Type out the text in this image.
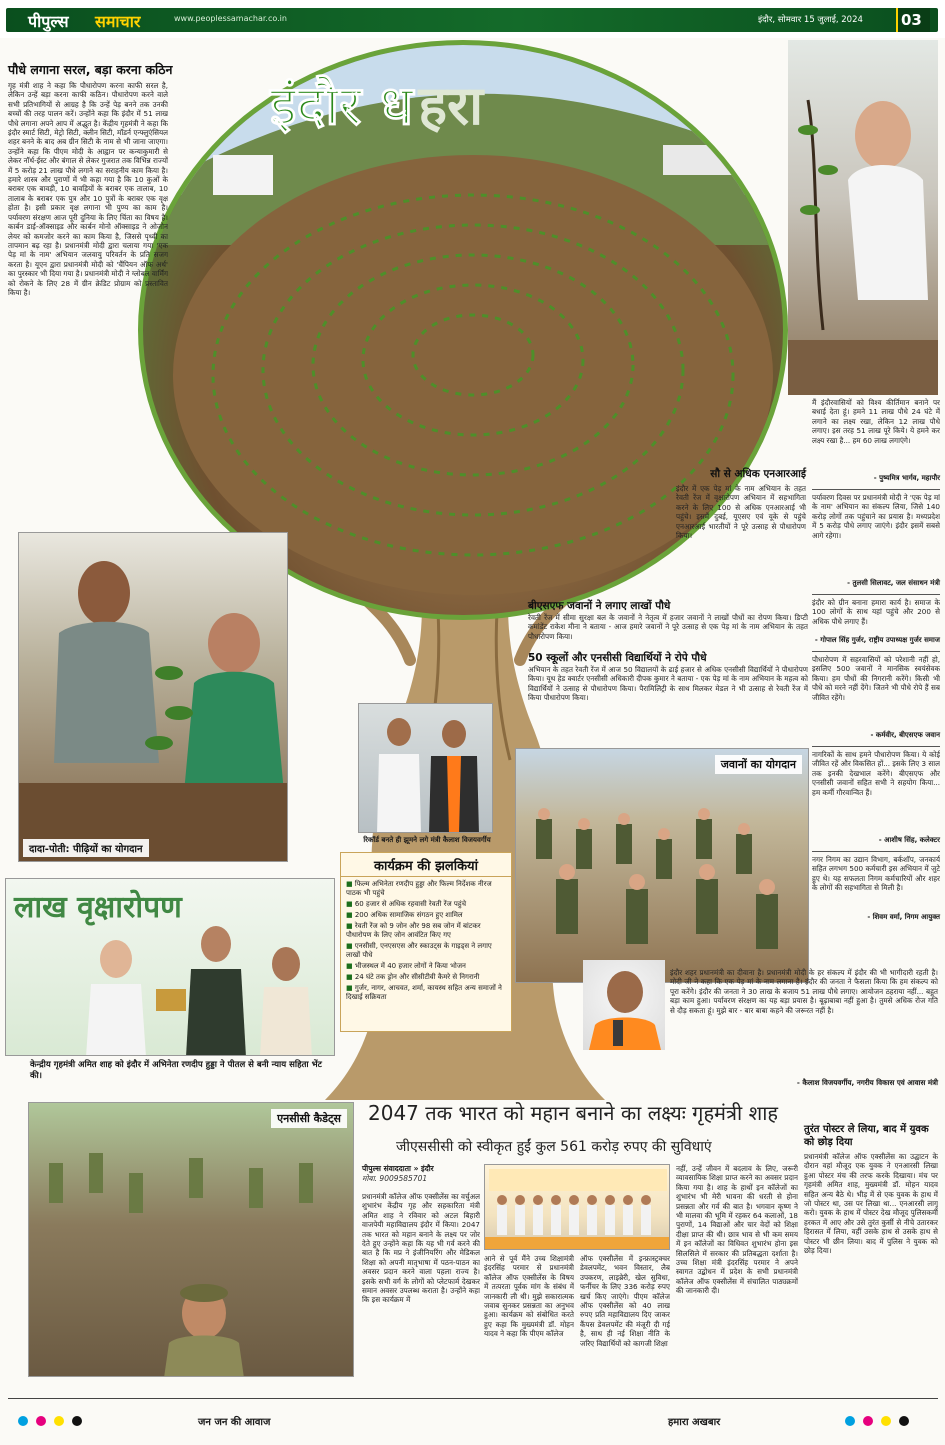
पीपुल्स समाचार	www.peoplessamachar.co.in	इंदौर, सोमवार 15 जुलाई, 2024	03
इंदौर ध हरा
पौधे लगाना सरल, बड़ा करना कठिन
गृह मंत्री शाह ने कहा कि पौधारोपण करना काफी सरल है, लेकिन उन्हें बड़ा करना काफी कठिन। पौधारोपण करने वाले सभी प्रतिभागियों से आग्रह है कि उन्हें पेड़ बनने तक उनकी बच्चों की तरह पालन करें। उन्होंने कहा कि इंदौर में 51 लाख पौधे लगाना अपने आप में अद्भुत है। केंद्रीय गृहमंत्री ने कहा कि इंदौर स्मार्ट सिटी, मेट्रो सिटी, क्लीन सिटी, मॉडर्न एन्फ्लुएंसियल शहर बनने के बाद अब ग्रीन सिटी के नाम से भी जाना जाएगा। उन्होंने कहा कि पीएम मोदी के आह्वान पर कन्याकुमारी से लेकर नॉर्थ-ईस्ट और बंगाल से लेकर गुजरात तक विभिन्न राज्यों में 5 करोड़ 21 लाख पौधे लगाने का सराहनीय काम किया है। हमारे शास्त्र और पुराणों में भी कहा गया है कि 10 कुओं के बराबर एक बावड़ी, 10 बावड़ियों के बराबर एक तालाब, 10 तालाब के बराबर एक पुत्र और 10 पुत्रों के बराबर एक वृक्ष होता है। इसी प्रकार वृक्ष लगाना भी पुण्य का काम है। पर्यावरण संरक्षण आज पूरी दुनिया के लिए चिंता का विषय है। कार्बन डाई-ऑक्साइड और कार्बन मोनो ऑक्साइड ने ओजोन लेयर को कमजोर करने का काम किया है, जिससे पृथ्वी का तापमान बढ़ रहा है। प्रधानमंत्री मोदी द्वारा चलाया गया 'एक पेड़ मां के नाम' अभियान जलवायु परिवर्तन के प्रति सजग करता है। यूएन द्वारा प्रधानमंत्री मोदी को 'चैंपियन ऑफ अर्थ' का पुरस्कार भी दिया गया है। प्रधानमंत्री मोदी ने ग्लोबल वार्मिंग को रोकने के लिए 28 में ग्रीन क्रेडिट प्रोग्राम को प्रस्तावित किया है।
सौ से अधिक एनआरआई
इंदौर में एक पेड़ मां के नाम अभियान के तहत रेवती रेंज में वृक्षारोपण अभियान में सहभागिता करने के लिए 100 से अधिक एनआरआई भी पहुंचे। इसमें दुबई, यूएसए एवं यूके से पहुंचे एनआरआई भारतीयों ने पूरे उत्साह से पौधारोपण किया।
बीएसएफ जवानों ने लगाए लाखों पौधे
रेवती रेंज में सीमा सुरक्षा बल के जवानों ने नेतृत्व में हजार जवानों ने लाखों पौधों का रोपण किया। डिप्टी कमांडेंट राकेश मीना ने बताया - आज हमारे जवानों ने पूरे उत्साह से एक पेड़ मां के नाम अभियान के तहत पौधारोपण किया।
50 स्कूलों और एनसीसी विद्यार्थियों ने रोपे पौधे
अभियान के तहत रेवती रेंज में आज 50 विद्यालयों के ढाई हजार से अधिक एनसीसी विद्यार्थियों ने पौधारोपण किया। यूथ हेड क्वार्टर एनसीसी अधिकारी दीपक कुमार ने बताया - एक पेड़ मां के नाम अभियान के महत्व को विद्यार्थियों ने उत्साह से पौधारोपण किया। पैरामिलिट्री के साथ मिलकर मेडल ने भी उत्साह से रेवती रेंज में किया पौधारोपण किया।
मैं इंदौरवासियों को विश्व कीर्तिमान बनाने पर बधाई देता हूं। हमने 11 लाख पौधे 24 घंटे में लगाने का लक्ष्य रखा, लेकिन 12 लाख पौधे लगाए। इस तरह 51 लाख पूरे किये। ये हमने कर लक्ष्य रखा है... हम 60 लाख लगाएंगे।
- पुष्यमित्र भार्गव, महापौर
पर्यावरण दिवस पर प्रधानमंत्री मोदी ने 'एक पेड़ मां के नाम' अभियान का संकल्प लिया, जिसे 140 करोड़ लोगों तक पहुंचाने का प्रयास है। मध्यप्रदेश में 5 करोड़ पौधे लगाए जाएंगे। इंदौर इसमें सबसे आगे रहेगा।
- तुलसी सिलावट, जल संसाधन मंत्री
इंदौर को ग्रीन बनाना हमारा कार्य है। समाज के 100 लोगों के साथ यहां पहुंचे और 200 से अधिक पौधे लगाए हैं।
- गोपाल सिंह गुर्जर, राष्ट्रीय उपाध्यक्ष गुर्जर समाज
पौधारोपण में सहरवासियों को परेशानी नहीं हो, इसलिए 500 जवानों ने मानसिक स्वयंसेवक किया। हम पौधों की निगरानी करेंगे। किसी भी पौधे को मरने नहीं देंगे। जितने भी पौधे रोपे हैं सब जीवित रहेंगे।
- कर्मवीर, बीएसएफ जवान
नागरिकों के साथ हमने पौधारोपण किया। ये कोई जीवित रहें और विकसित हों... इसके लिए 3 साल तक इनकी देखभाल करेंगे। बीएसएफ और एनसीसी जवानों सहित सभी ने सहयोग किया... हम कर्मी गौरवान्वित हैं।
- आशीष सिंह, कलेक्टर
नगर निगम का उद्यान विभाग, बर्कशॉप, जनकार्य सहित लगभग 500 कर्मचारी इस अभियान में जुटे हुए थे। यह सफलता निगम कर्मचारियों और शहर के लोगों की सहभागिता से मिली है।
- शिवम वर्मा, निगम आयुक्त
दादा-पोती: पीढ़ियों का योगदान
रिकॉर्ड बनते ही झूमने लगे मंत्री कैलाश विजयवर्गीय
जवानों का योगदान
कार्यक्रम की झलकियां
■ फिल्म अभिनेता रणदीप हुड्डा और फिल्म निर्देशक नीरज पाठक भी पहुंचे
■ 60 हजार से अधिक रहवासी रेवती रेंज पहुंचे
■ 200 अधिक सामाजिक संगठन हुए शामिल
■ रेवती रेंज को 9 जोन और 98 सब जोन में बांटकर पौधारोपण के लिए जोन आवंटित किए गए
■ एनसीसी, एनएसएस और स्काउट्स के गाइड्स ने लगाए लाखों पौधे
■ भीजस्थल में 40 हजार लोगों ने किया भोजन
■ 24 घंटे तक ड्रोन और सीसीटीवी कैमरे से निगरानी
■ गुर्जर, नागर, आचवत, शर्मा, कायस्थ सहित अन्य समाजों ने दिखाई सक्रियता
लाख वृक्षारोपण
केन्द्रीय गृहमंत्री अमित शाह को इंदौर में अभिनेता रणदीप हुड्डा ने पीतल से बनी न्याय सहिता भेंट की।
इंदौर शहर प्रधानमंत्री का दीवाना है। प्रधानमंत्री मोदी के हर संकल्प में इंदौर की भी भागीदारी रहती है। मोदी जी ने कहा कि एक पेड़ मां के नाम लगाना है। इंदौर की जनता ने फैसला किया कि हम संकल्प को पूरा करेंगे। इंदौर की जनता ने 30 लाख के बजाय 51 लाख पौधे लगाए। आयोजन ठहराया नहीं... बहुत बड़ा काम हुआ। पर्यावरण संरक्षण का यह बड़ा प्रयास है। बूढ़ाबाबा नहीं हुआ है। तुमसे अधिक रोज गति से दौड़ सकता हूं। मुझे बार - बार बाबा कहने की जरूरत नहीं है।
- कैलाश विजयवर्गीय, नगरीय विकास एवं आवास मंत्री
एनसीसी कैडेट्स	2047 तक भारत को महान बनाने का लक्ष्यः गृहमंत्री शाह
जीएससीसी को स्वीकृत हुईं कुल 561 करोड़ रुपए की सुविधाएं
पीपुल्स संवाददाता » इंदौर
मोबा. 9009585701
प्रधानमंत्री कॉलेज ऑफ एक्सीलेंस का वर्चुअल शुभारंभ केंद्रीय गृह और सहकारिता मंत्री अमित शाह ने रविवार को अटल बिहारी वाजपेयी महाविद्यालय इंदौर में किया। 2047 तक भारत को महान बनाने के लक्ष्य पर जोर देते हुए उन्होंने कहा कि यह भी गर्व करने की बात है कि मप्र ने इंजीनियरिंग और मेडिकल शिक्षा को अपनी मातृभाषा में पठन-पाठन का अवसर प्रदान करने वाला पहला राज्य है। इसके सभी वर्ग के लोगों को प्लेटफार्म देखकर समान अवसर उपलब्ध कराता है। उन्होंने कहा कि इस कार्यक्रम में
आने से पूर्व मैंने उच्च शिक्षामंत्री इंदरसिंह परमार से प्रधानमंत्री कॉलेज ऑफ एक्सीलेंस के विषय में तत्परता पूर्वक मांग के संबंध में जानकारी ली थी। मुझे सकारात्मक जवाब सुनकर प्रसन्नता का अनुभव हुआ। कार्यक्रम को संबोधित करते हुए कहा कि मुख्यमंत्री डॉ. मोहन यादव ने कहा कि पीएम कॉलेज
ऑफ एक्सीलेंस में इन्फ्रास्ट्रक्चर डेवलपमेंट, भवन विस्तार, लैब उपकरण, लाइब्रेरी, खेल सुविधा, फर्नीचर के लिए 336 करोड़ रुपए खर्च किए जाएंगे। पीएम कॉलेज ऑफ एक्सीलेंस को 40 लाख रुपए प्रति महाविद्यालय दिए जाकर कैंपस डेवलपमेंट की मंजूरी दी गई है, साथ ही नई शिक्षा नीति के जरिए विद्यार्थियों को कागजी शिक्षा
नहीं, उन्हें जीवन में बदलाव के लिए, जरूरी व्यावसायिक शिक्षा प्राप्त करने का अवसर प्रदान किया गया है। शाह के हाथों इन कॉलेजों का शुभारंभ भी मेरी भावना की धरती से होना प्रसन्नता और गर्व की बात है। भगवान कृष्ण ने भी मालवा की भूमि में रहकर 64 कलाओं, 18 पुराणों, 14 विद्याओं और चार वेदों को शिक्षा दीक्षा प्राप्त की थी। छात्र भाव से भी कम समय में इन कॉलेजों का विधिवत शुभारंभ होना इस सिलसिले में सरकार की प्रतिबद्धता दर्शाता है। उच्च शिक्षा मंत्री इंदरसिंह परमार ने अपने स्वागत उद्बोधन में प्रदेश के सभी प्रधानमंत्री कॉलेज ऑफ एक्सीलेंस में संचालित पाठ्यक्रमों की जानकारी दी।
तुरंत पोस्टर ले लिया, बाद में युवक को छोड़ दिया
प्रधानमंत्री कॉलेज ऑफ एक्सीलेंस का उद्घाटन के दौरान वहां मौजूद एक युवक ने एनआरसी लिखा हुआ पोस्टर मंच की तरफ करके दिखाया। मंच पर गृहमंत्री अमित शाह, मुख्यमंत्री डॉ. मोहन यादव सहित अन्य बैठे थे। भीड़ में से एक युवक के हाथ में जो पोस्टर था, उस पर लिखा था... एनआरसी लागू करो। युवक के हाथ में पोस्टर देख मौजूद पुलिसकर्मी हरकत में आए और उसे तुरंत कुर्सी से नीचे उतारकर हिरासत में लिया, वहीं उसके हाथ से उसके हाथ से पोस्टर भी छीन लिया। बाद में पुलिस ने युवक को छोड़ दिया।
जन जन की आवाज	हमारा अखबार
